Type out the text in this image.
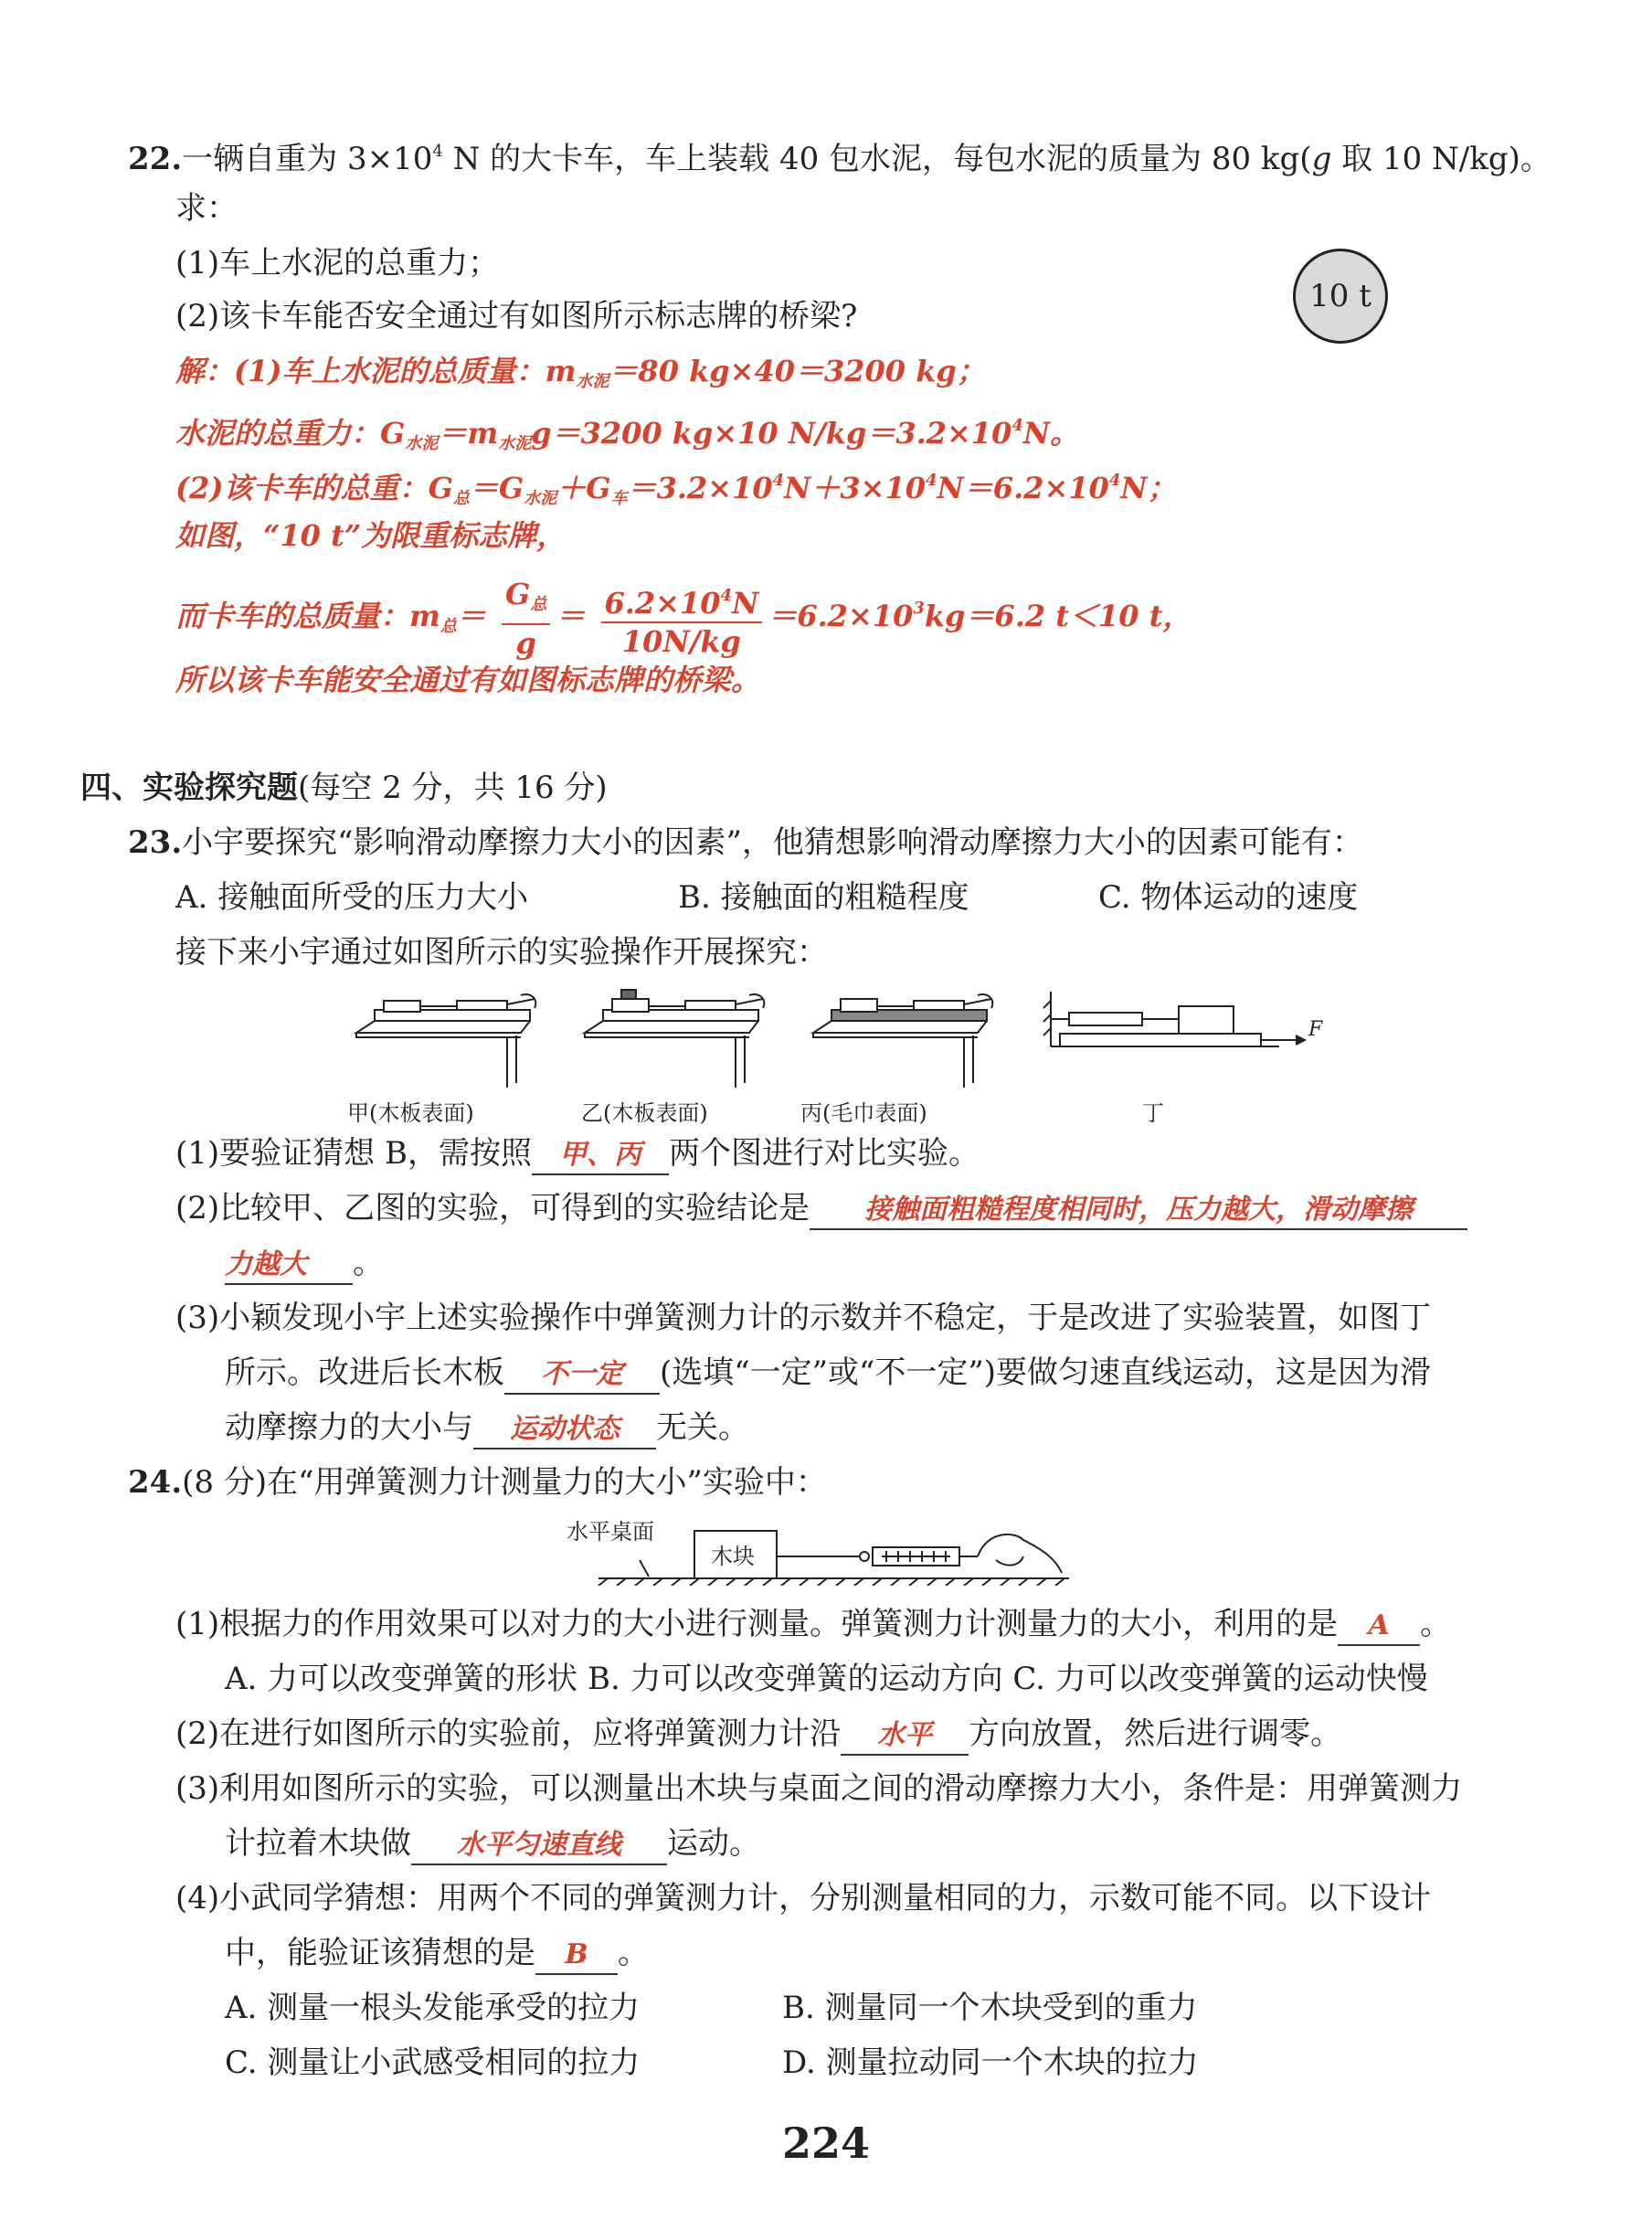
22.一辆自重为 $3\times 10^4$ N 的大卡车，车上装载 40 包水泥，每包水泥的质量为 80 kg(g 取 10 N/kg)。
求：
(1)车上水泥的总重力；
(2)该卡车能否安全通过有如图所示标志牌的桥梁?
10 t
解：(1)车上水泥的总质量：$m_{水泥}=80$ kg×40＝3200 kg；
水泥的总重力：$G_{水泥}=m_{水泥}g=3200$ kg×10 $N/kg=3.2\times 10^4N$。
(2)该卡车的总重：$G_总=G_{水泥}+G_车=3.2\times 10^4N+3\times 10^4N=6.2\times 10^4N$；
如图，“10 t”为限重标志牌，
而卡车的总质量：$m_总= \frac{G_总}{g} = \frac{6.2\times 10^4N}{10N/kg} =6.2\times 10^3kg=6.2$ t＜10 t，
所以该卡车能安全通过有如图标志牌的桥梁。
四、实验探究题(每空 2 分，共 16 分)
23.小宇要探究“影响滑动摩擦力大小的因素”，他猜想影响滑动摩擦力大小的因素可能有：
A. 接触面所受的压力大小	B. 接触面的粗糙程度	C. 物体运动的速度
接下来小宇通过如图所示的实验操作开展探究：
F
甲(木板表面)	乙(木板表面)	丙(毛巾表面)	丁
(1)要验证猜想 B，需按照 甲、丙 两个图进行对比实验。
(2)比较甲、乙图的实验，可得到的实验结论是 接触面粗糙程度相同时，压力越大，滑动摩擦
力越大 。
(3)小颖发现小宇上述实验操作中弹簧测力计的示数并不稳定，于是改进了实验装置，如图丁
所示。改进后长木板 不一定 (选填“一定”或“不一定”)要做匀速直线运动，这是因为滑
动摩擦力的大小与 运动状态 无关。
24.(8 分)在“用弹簧测力计测量力的大小”实验中：
水平桌面
木块
(1)根据力的作用效果可以对力的大小进行测量。弹簧测力计测量力的大小，利用的是 A 。
A. 力可以改变弹簧的形状 B. 力可以改变弹簧的运动方向 C. 力可以改变弹簧的运动快慢
(2)在进行如图所示的实验前，应将弹簧测力计沿 水平 方向放置，然后进行调零。
(3)利用如图所示的实验，可以测量出木块与桌面之间的滑动摩擦力大小，条件是：用弹簧测力
计拉着木块做 水平匀速直线 运动。
(4)小武同学猜想：用两个不同的弹簧测力计，分别测量相同的力，示数可能不同。以下设计
中，能验证该猜想的是 B 。
A. 测量一根头发能承受的拉力	B. 测量同一个木块受到的重力
C. 测量让小武感受相同的拉力	D. 测量拉动同一个木块的拉力
224
